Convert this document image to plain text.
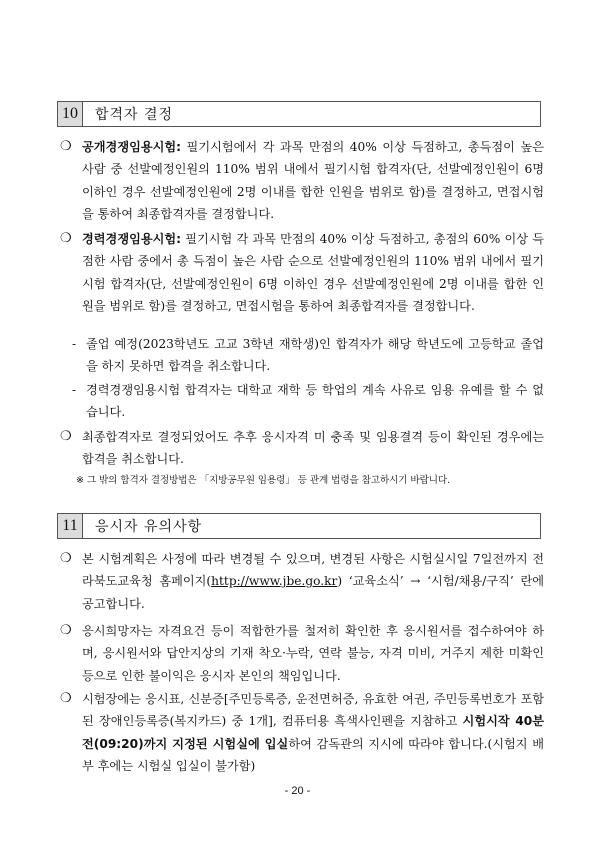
10	합격자 결정
❍ 공개경쟁임용시험: 필기시험에서 각 과목 만점의 40% 이상 득점하고, 총득점이 높은 사람 중 선발예정인원의 110% 범위 내에서 필기시험 합격자(단, 선발예정인원이 6명 이하인 경우 선발예정인원에 2명 이내를 합한 인원을 범위로 함)를 결정하고, 면접시험을 통하여 최종합격자를 결정합니다.
❍ 경력경쟁임용시험: 필기시험 각 과목 만점의 40% 이상 득점하고, 총점의 60% 이상 득점한 사람 중에서 총 득점이 높은 사람 순으로 선발예정인원의 110% 범위 내에서 필기시험 합격자(단, 선발예정인원이 6명 이하인 경우 선발예정인원에 2명 이내를 합한 인원을 범위로 함)를 결정하고, 면접시험을 통하여 최종합격자를 결정합니다.
- 졸업 예정(2023학년도 고교 3학년 재학생)인 합격자가 해당 학년도에 고등학교 졸업을 하지 못하면 합격을 취소합니다.
- 경력경쟁임용시험 합격자는 대학교 재학 등 학업의 계속 사유로 임용 유예를 할 수 없습니다.
❍ 최종합격자로 결정되었어도 추후 응시자격 미 충족 및 임용결격 등이 확인된 경우에는 합격을 취소합니다.
※ 그 밖의 합격자 결정방법은 「지방공무원 임용령」 등 관계 법령을 참고하시기 바랍니다.
11	응시자 유의사항
❍ 본 시험계획은 사정에 따라 변경될 수 있으며, 변경된 사항은 시험실시일 7일전까지 전라북도교육청 홈페이지(http://www.jbe.go.kr) ‘교육소식’ → ‘시험/채용/구직’ 란에 공고합니다.
❍ 응시희망자는 자격요건 등이 적합한가를 철저히 확인한 후 응시원서를 접수하여야 하며, 응시원서와 답안지상의 기재 착오·누락, 연락 불능, 자격 미비, 거주지 제한 미확인 등으로 인한 불이익은 응시자 본인의 책임입니다.
❍ 시험장에는 응시표, 신분증[주민등록증, 운전면허증, 유효한 여권, 주민등록번호가 포함된 장애인등록증(복지카드) 중 1개], 컴퓨터용 흑색사인펜을 지참하고 시험시작 40분전(09:20)까지 지정된 시험실에 입실하여 감독관의 지시에 따라야 합니다.(시험지 배부 후에는 시험실 입실이 불가함)
- 20 -
